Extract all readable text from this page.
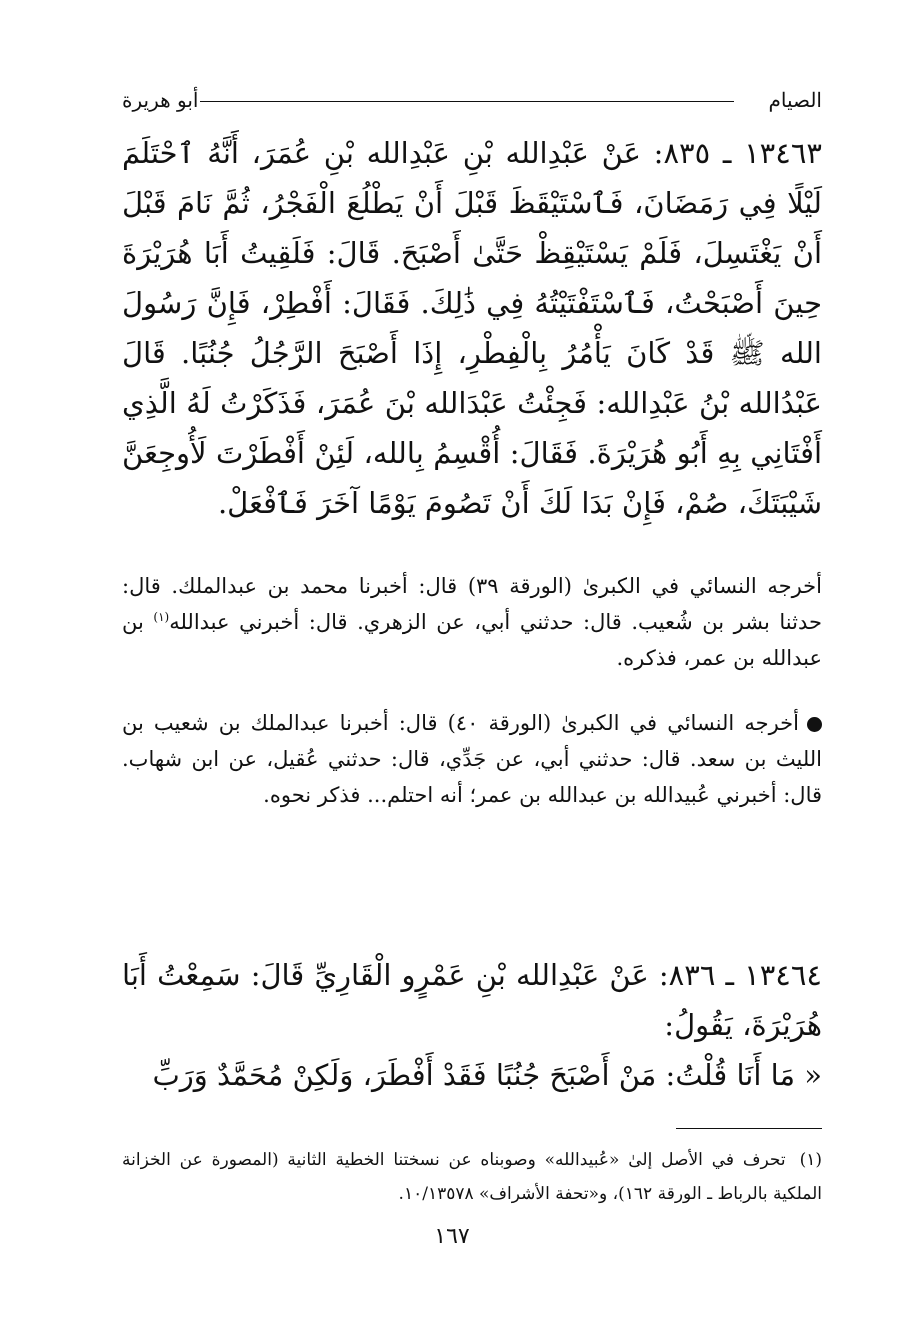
الصيام
أبو هريرة

١٣٤٦٣ ـ ٨٣٥: عَنْ عَبْدِالله بْنِ عَبْدِالله بْنِ عُمَرَ، أَنَّهُ ٱحْتَلَمَ لَيْلًا فِي رَمَضَانَ، فَٱسْتَيْقَظَ قَبْلَ أَنْ يَطْلُعَ الْفَجْرُ، ثُمَّ نَامَ قَبْلَ أَنْ يَغْتَسِلَ، فَلَمْ يَسْتَيْقِظْ حَتَّىٰ أَصْبَحَ. قَالَ: فَلَقِيتُ أَبَا هُرَيْرَةَ حِينَ أَصْبَحْتُ، فَٱسْتَفْتَيْتُهُ فِي ذَٰلِكَ. فَقَالَ: أَفْطِرْ، فَإِنَّ رَسُولَ الله ﷺ قَدْ كَانَ يَأْمُرُ بِالْفِطْرِ، إِذَا أَصْبَحَ الرَّجُلُ جُنُبًا. قَالَ عَبْدُالله بْنُ عَبْدِالله: فَجِئْتُ عَبْدَالله بْنَ عُمَرَ، فَذَكَرْتُ لَهُ الَّذِي أَفْتَانِي بِهِ أَبُو هُرَيْرَةَ. فَقَالَ: أُقْسِمُ بِالله، لَئِنْ أَفْطَرْتَ لَأُوجِعَنَّ شَيْبَتَكَ، صُمْ، فَإِنْ بَدَا لَكَ أَنْ تَصُومَ يَوْمًا آخَرَ فَٱفْعَلْ.

أخرجه النسائي في الكبرىٰ (الورقة ٣٩) قال: أخبرنا محمد بن عبدالملك. قال: حدثنا بشر بن شُعيب. قال: حدثني أبي، عن الزهري. قال: أخبرني عبدالله$^{(١)}$ بن عبدالله بن عمر، فذكره.

أخرجه النسائي في الكبرىٰ (الورقة ٤٠) قال: أخبرنا عبدالملك بن شعيب بن الليث بن سعد. قال: حدثني أبي، عن جَدِّي، قال: حدثني عُقيل، عن ابن شهاب. قال: أخبرني عُبيدالله بن عبدالله بن عمر؛ أنه احتلم... فذكر نحوه.

١٣٤٦٤ ـ ٨٣٦: عَنْ عَبْدِالله بْنِ عَمْرٍو الْقَارِيِّ قَالَ: سَمِعْتُ أَبَا هُرَيْرَةَ، يَقُولُ:
« مَا أَنَا قُلْتُ: مَنْ أَصْبَحَ جُنُبًا فَقَدْ أَفْطَرَ، وَلَكِنْ مُحَمَّدٌ وَرَبِّ

(١)تحرف في الأصل إلىٰ «عُبيدالله» وصوبناه عن نسختنا الخطية الثانية (المصورة عن الخزانة الملكية بالرباط ـ الورقة ١٦٢)، و«تحفة الأشراف» ١٠/١٣٥٧٨.

١٦٧
